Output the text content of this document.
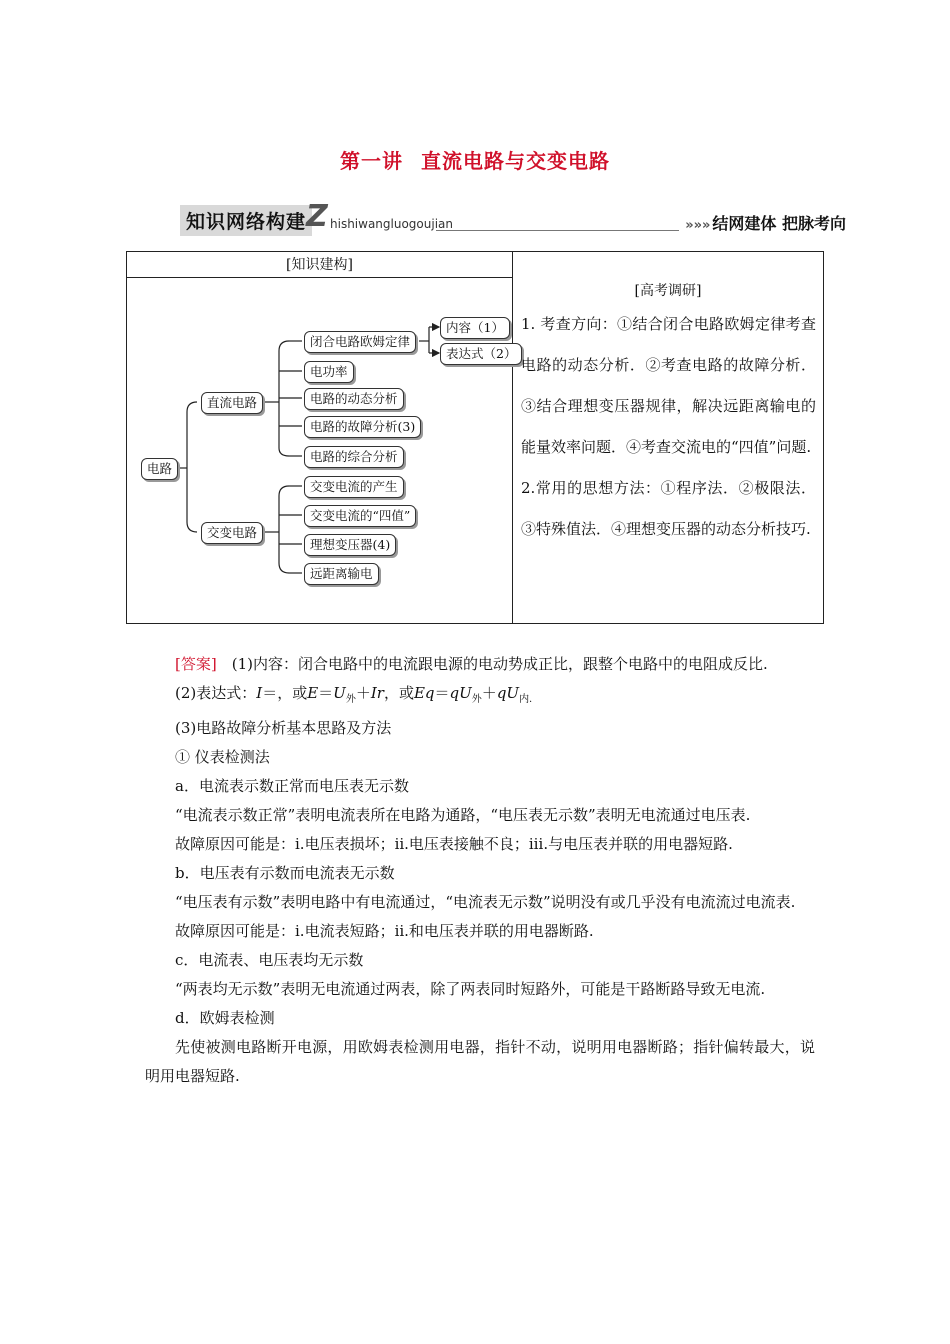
第一讲 直流电路与交变电路
知识网络构建 Z hishiwangluogoujian	»»» 结网建体 把脉考向
[知识建构]
[高考调研]
电路
直流电路
交变电路
闭合电路欧姆定律
内容（1）
表达式（2）
电功率
电路的动态分析
电路的故障分析(3)
电路的综合分析
交变电流的产生
交变电流的“四值”
理想变压器(4)
远距离输电

1. 考查方向：①结合闭合电路欧姆定律考查电路的动态分析．②考查电路的故障分析．③结合理想变压器规律，解决远距离输电的能量效率问题．④考查交流电的“四值”问题.

2.常用的思想方法：①程序法．②极限法．③特殊值法．④理想变压器的动态分析技巧.

[答案]　 (1)内容：闭合电路中的电流跟电源的电动势成正比，跟整个电路中的电阻成反比.

(2)表达式：I＝，或$E=U_外+Ir$，或$Eq=qU_外+qU_{内.}$

(3)电路故障分析基本思路及方法

① 仪表检测法

a．电流表示数正常而电压表无示数

“电流表示数正常”表明电流表所在电路为通路，“电压表无示数”表明无电流通过电压表.

故障原因可能是：ⅰ.电压表损坏；ⅱ.电压表接触不良；ⅲ.与电压表并联的用电器短路.

b．电压表有示数而电流表无示数

“电压表有示数”表明电路中有电流通过，“电流表无示数”说明没有或几乎没有电流流过电流表.

故障原因可能是：ⅰ.电流表短路；ⅱ.和电压表并联的用电器断路.

c．电流表、电压表均无示数

“两表均无示数”表明无电流通过两表，除了两表同时短路外，可能是干路断路导致无电流.

d．欧姆表检测

先使被测电路断开电源，用欧姆表检测用电器，指针不动，说明用电器断路；指针偏转最大，说明用电器短路.
